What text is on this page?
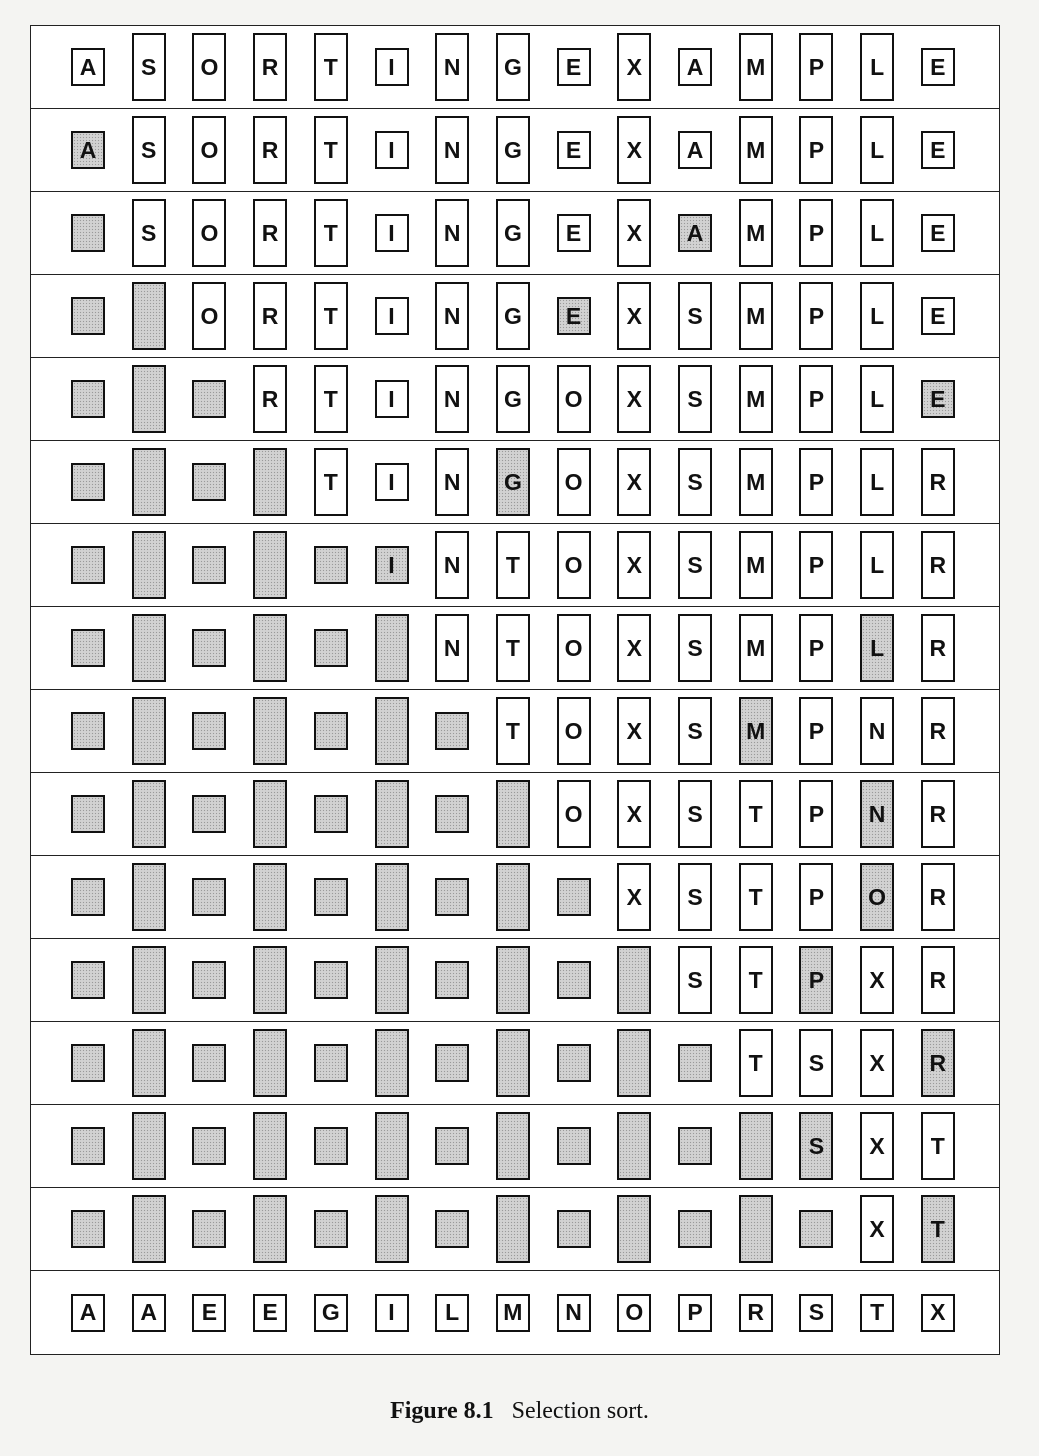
A S O R T I N G E X A M P L E
A S O R T I N G E X A M P L E
S O R T I N G E X A M P L E
O R T I N G E X S M P L E
R T I N G O X S M P L E
T I N G O X S M P L R
I N T O X S M P L R
N T O X S M P L R
T O X S M P N R
O X S T P N R
X S T P O R
S T P X R
T S X R
S X T
X T
A A E E G I L M N O P R S T X
Figure 8.1 Selection sort.
